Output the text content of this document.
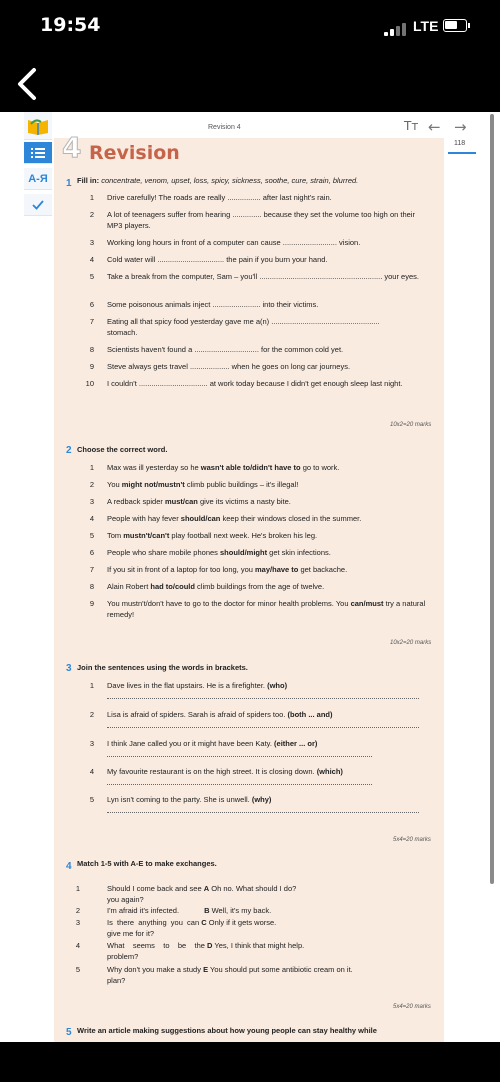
19:54	LTE
Revision 4	Tт ← →
118
А-Я
4 Revision
1 Fill in: concentrate, venom, upset, loss, spicy, sickness, soothe, cure, strain, blurred.
1 Drive carefully! The roads are really ................ after last night's rain.
2 A lot of teenagers suffer from hearing .............. because they set the volume too high on their MP3 players.
3 Working long hours in front of a computer can cause .......................... vision.
4 Cold water will ................................ the pain if you burn your hand.
5 Take a break from the computer, Sam – you'll ........................................................... your eyes.
6 Some poisonous animals inject ....................... into their victims.
7 Eating all that spicy food yesterday gave me a(n) .................................................... stomach.
8 Scientists haven't found a ............................... for the common cold yet.
9 Steve always gets travel ................... when he goes on long car journeys.
10 I couldn't ................................. at work today because I didn't get enough sleep last night.
10x2=20 marks
2 Choose the correct word.
1 Max was ill yesterday so he wasn't able to/didn't have to go to work.
2 You might not/mustn't climb public buildings – it's illegal!
3 A redback spider must/can give its victims a nasty bite.
4 People with hay fever should/can keep their windows closed in the summer.
5 Tom mustn't/can't play football next week. He's broken his leg.
6 People who share mobile phones should/might get skin infections.
7 If you sit in front of a laptop for too long, you may/have to get backache.
8 Alain Robert had to/could climb buildings from the age of twelve.
9 You mustn't/don't have to go to the doctor for minor health problems. You can/must try a natural remedy!
10x2=20 marks
3 Join the sentences using the words in brackets.
1 Dave lives in the flat upstairs. He is a firefighter. (who)
2 Lisa is afraid of spiders. Sarah is afraid of spiders too. (both ... and)
3 I think Jane called you or it might have been Katy. (either ... or)
4 My favourite restaurant is on the high street. It is closing down. (which)
5 Lyn isn't coming to the party. She is unwell. (why)
5x4=20 marks
4 Match 1-5 with A-E to make exchanges.
1
2
3
4
5
Should I come back and see A Oh no. What should I do?
you again?
I'm afraid it's infected.            B Well, it's my back.
Is  there  anything  you  can C Only if it gets worse.
give me for it?
What    seems    to    be    the D Yes, I think that might help.
problem?
Why don't you make a study E You should put some antibiotic cream on it.
plan?
5x4=20 marks
5 Write an article making suggestions about how young people can stay healthy while
